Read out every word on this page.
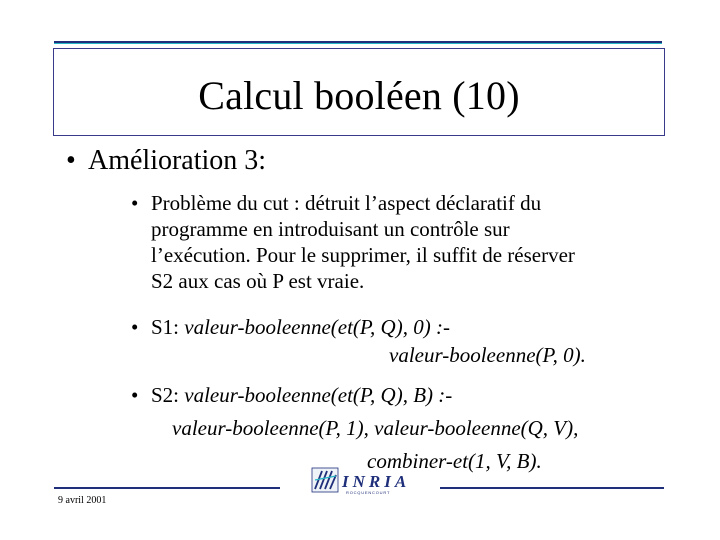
Calcul booléen (10)
• Amélioration 3:
• Problème du cut : détruit l’aspect déclaratif du
programme en introduisant un contrôle sur
l’exécution. Pour le supprimer, il suffit de réserver
S2 aux cas où P est vraie.
• S1: valeur-booleenne(et(P, Q), 0) :-
valeur-booleenne(P, 0).
• S2: valeur-booleenne(et(P, Q), B) :-
valeur-booleenne(P, 1), valeur-booleenne(Q, V),
combiner-et(1, V, B).
INRIA
ROCQUENCOURT
9 avril 2001
